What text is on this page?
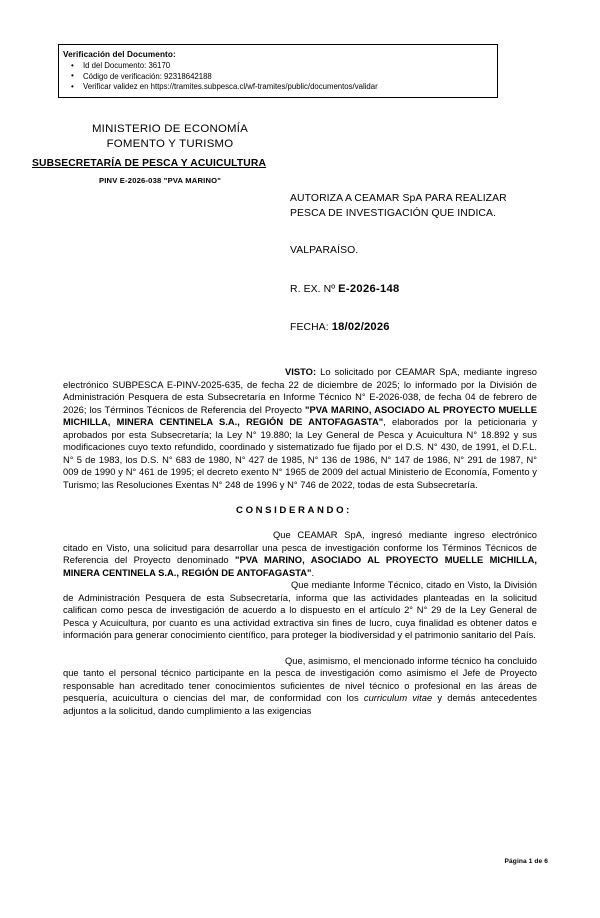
Verificación del Documento:
• Id del Documento: 36170
• Código de verificación: 92318642188
• Verificar validez en https://tramites.subpesca.cl/wf-tramites/public/documentos/validar
MINISTERIO DE ECONOMÍA
FOMENTO Y TURISMO
SUBSECRETARÍA DE PESCA Y ACUICULTURA
PINV E-2026-038 "PVA MARINO"
AUTORIZA A CEAMAR SpA PARA REALIZAR
PESCA DE INVESTIGACIÓN QUE INDICA.
VALPARAÍSO.
R. EX. Nº E-2026-148
FECHA: 18/02/2026

VISTO: Lo solicitado por CEAMAR SpA, mediante ingreso electrónico SUBPESCA E-PINV-2025-635, de fecha 22 de diciembre de 2025; lo informado por la División de Administración Pesquera de esta Subsecretaría en Informe Técnico N° E-2026-038, de fecha 04 de febrero de 2026; los Términos Técnicos de Referencia del Proyecto "PVA MARINO, ASOCIADO AL PROYECTO MUELLE MICHILLA, MINERA CENTINELA S.A., REGIÓN DE ANTOFAGASTA", elaborados por la peticionaria y aprobados por esta Subsecretaría; la Ley N° 19.880; la Ley General de Pesca y Acuicultura N° 18.892 y sus modificaciones cuyo texto refundido, coordinado y sistematizado fue fijado por el D.S. N° 430, de 1991, el D.F.L. N° 5 de 1983, los D.S. N° 683 de 1980, N° 427 de 1985, N° 136 de 1986, N° 147 de 1986, N° 291 de 1987, N° 009 de 1990 y N° 461 de 1995; el decreto exento N° 1965 de 2009 del actual Ministerio de Economía, Fomento y Turismo; las Resoluciones Exentas N° 248 de 1996 y N° 746 de 2022, todas de esta Subsecretaría.

CONSIDERANDO:

Que CEAMAR SpA, ingresó mediante ingreso electrónico citado en Visto, una solicitud para desarrollar una pesca de investigación conforme los Términos Técnicos de Referencia del Proyecto denominado "PVA MARINO, ASOCIADO AL PROYECTO MUELLE MICHILLA, MINERA CENTINELA S.A., REGIÓN DE ANTOFAGASTA".

Que mediante Informe Técnico, citado en Visto, la División de Administración Pesquera de esta Subsecretaría, informa que las actividades planteadas en la solicitud califican como pesca de investigación de acuerdo a lo dispuesto en el artículo 2° N° 29 de la Ley General de Pesca y Acuicultura, por cuanto es una actividad extractiva sin fines de lucro, cuya finalidad es obtener datos e información para generar conocimiento científico, para proteger la biodiversidad y el patrimonio sanitario del País.

Que, asimismo, el mencionado informe técnico ha concluido que tanto el personal técnico participante en la pesca de investigación como asimismo el Jefe de Proyecto responsable han acreditado tener conocimientos suficientes de nivel técnico o profesional en las áreas de pesquería, acuicultura o ciencias del mar, de conformidad con los curriculum vitae y demás antecedentes adjuntos a la solicitud, dando cumplimiento a las exigencias

Página 1 de 6
